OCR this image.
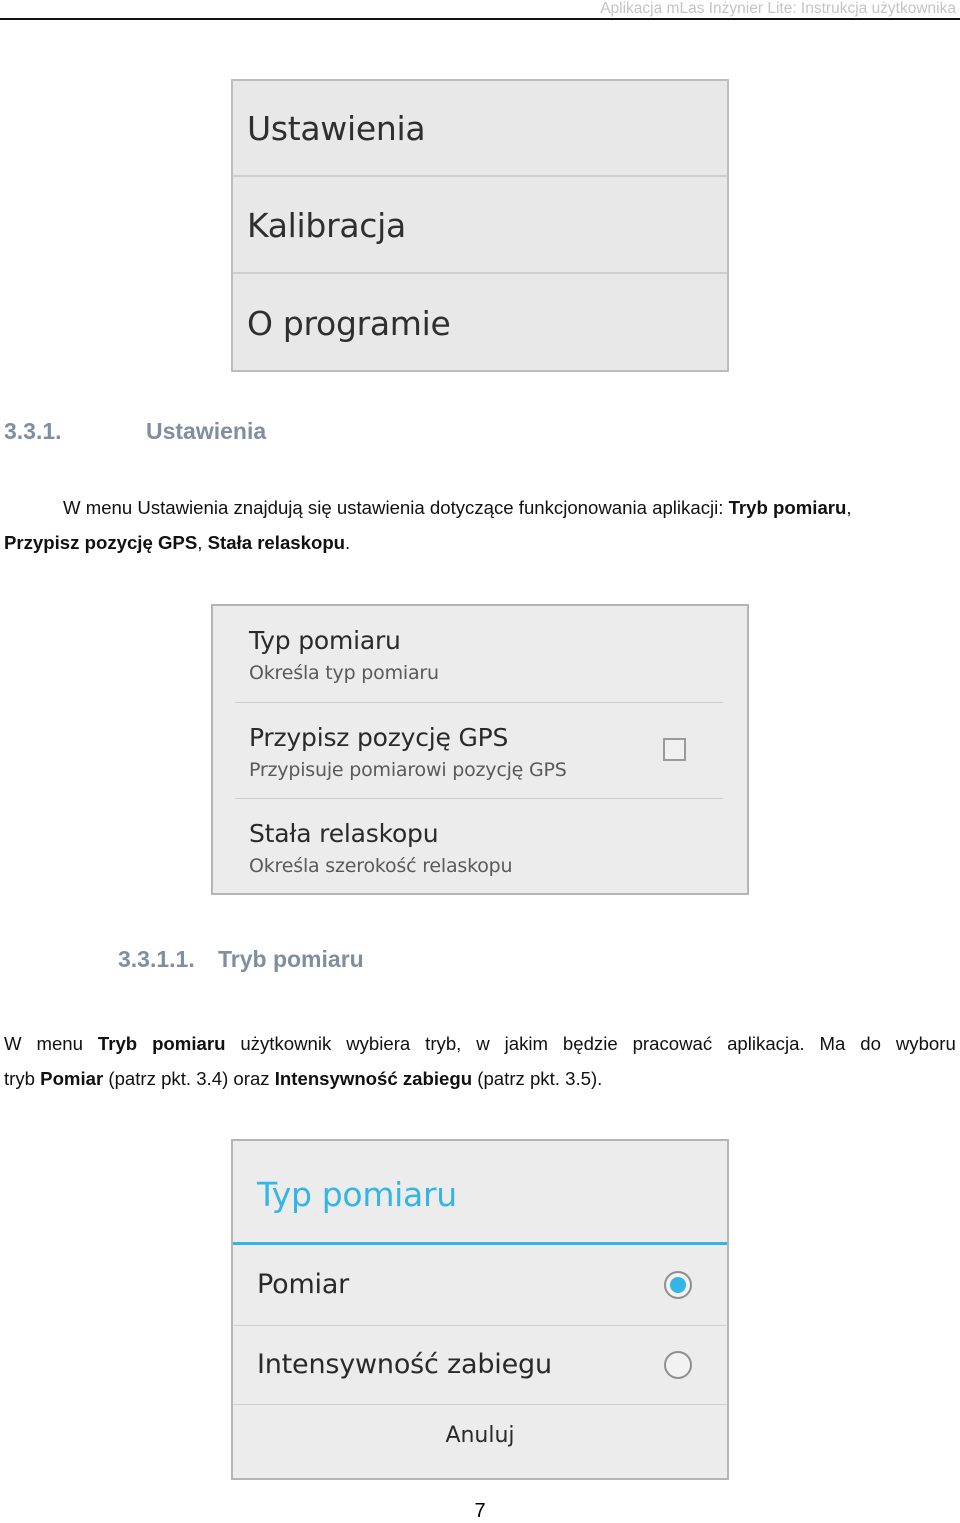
Aplikacja mLas Inżynier Lite: Instrukcja użytkownika
Ustawienia
Kalibracja
O programie
3.3.1.	Ustawienia
W menu Ustawienia znajdują się ustawienia dotyczące funkcjonowania aplikacji: Tryb pomiaru,
Przypisz pozycję GPS, Stała relaskopu.
Typ pomiaru
Określa typ pomiaru
Przypisz pozycję GPS
Przypisuje pomiarowi pozycję GPS
Stała relaskopu
Określa szerokość relaskopu
3.3.1.1. Tryb pomiaru
W menu Tryb pomiaru użytkownik wybiera tryb, w jakim będzie pracować aplikacja. Ma do wyboru
tryb Pomiar (patrz pkt. 3.4) oraz Intensywność zabiegu (patrz pkt. 3.5).
Typ pomiaru
Pomiar
Intensywność zabiegu
Anuluj
7
